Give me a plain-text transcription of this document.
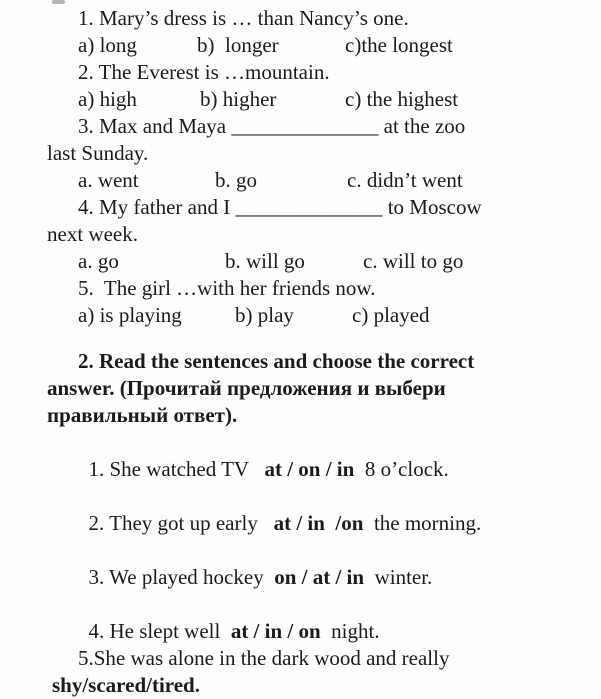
1. Mary’s dress is … than Nancy’s one.
a) long	b)  longer	c)the longest
2. The Everest is …mountain.
a) high	b) higher	c) the highest
3. Max and Maya ______________ at the zoo
last Sunday.
a. went	b. go	c. didn’t went
4. My father and I ______________ to Moscow
next week.
a. go	b. will go	c. will to go
5.  The girl …with her friends now.
a) is playing	b) play	c) played
2. Read the sentences and choose the correct
answer. (Прочитай предложения и выбери
правильный ответ).

1. She watched TV   at / on / in  8 o’clock.

2. They got up early   at / in  /on  the morning.

3. We played hockey  on / at / in  winter.

4. He slept well  at / in / on  night.

5.She was alone in the dark wood and really
shy/scared/tired.
